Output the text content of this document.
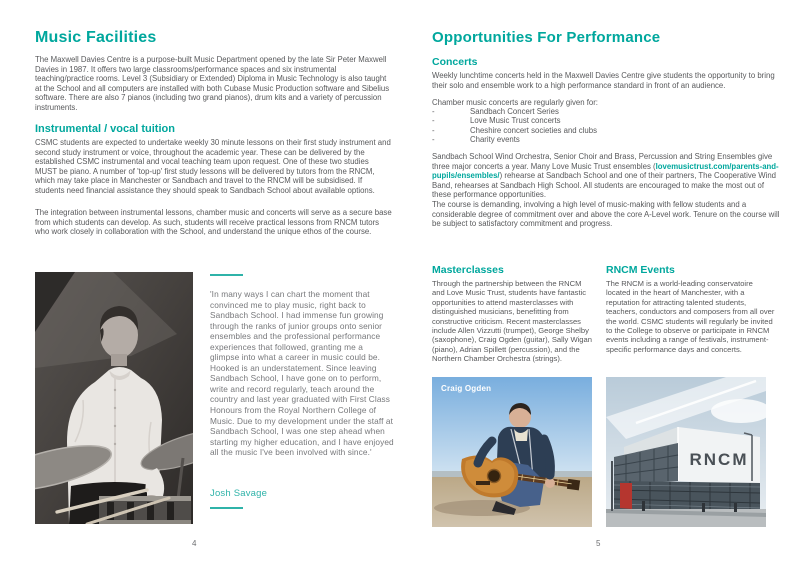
Music Facilities
The Maxwell Davies Centre is a purpose-built Music Department opened by the late Sir Peter Maxwell Davies in 1987. It offers two large classrooms/performance spaces and six instrumental teaching/practice rooms. Level 3 (Subsidiary or Extended) Diploma in Music Technology is also taught at the School and all computers are installed with both Cubase Music Production software and Sibelius software. There are also 7 pianos (including two grand pianos), drum kits and a variety of percussion instruments.
Instrumental / vocal tuition
CSMC students are expected to undertake weekly 30 minute lessons on their first study instrument and second study instrument or voice, throughout the academic year. These can be delivered by the established CSMC instrumental and vocal teaching team upon request. One of these two studies MUST be piano. A number of 'top-up' first study lessons will be delivered by tutors from the RNCM, which may take place in Manchester or Sandbach and travel to the RNCM will be subsidised. If students need financial assistance they should speak to Sandbach School about available options.
The integration between instrumental lessons, chamber music and concerts will serve as a secure base from which students can develop. As such, students will receive practical lessons from RNCM tutors who work closely in collaboration with the School, and understand the unique ethos of the course.
'In many ways I can chart the moment that convinced me to play music, right back to Sandbach School. I had immense fun growing through the ranks of junior groups onto senior ensembles and the professional performance experiences that followed, granting me a glimpse into what a career in music could be. Hooked is an understatement. Since leaving Sandbach School, I have gone on to perform, write and record regularly, teach around the country and last year graduated with First Class Honours from the Royal Northern College of Music. Due to my development under the staff at Sandbach School, I was one step ahead when starting my higher education, and I have enjoyed all the music I've been involved with since.'
Josh Savage
4
Opportunities For Performance
Concerts
Weekly lunchtime concerts held in the Maxwell Davies Centre give students the opportunity to bring their solo and ensemble work to a high performance standard in front of an audience.
Chamber music concerts are regularly given for:
-	Sandbach Concert Series
-	Love Music Trust concerts
-	Cheshire concert societies and clubs
-	Charity events
Sandbach School Wind Orchestra, Senior Choir and Brass, Percussion and String Ensembles give three major concerts a year. Many Love Music Trust ensembles (lovemusictrust.com/parents-and-pupils/ensembles/) rehearse at Sandbach School and one of their partners, The Cooperative Wind Band, rehearses at Sandbach High School. All students are encouraged to make the most out of these performance opportunities.
The course is demanding, involving a high level of music-making with fellow students and a considerable degree of commitment over and above the core A-Level work. Tenure on the course will be subject to satisfactory commitment and progress.
Masterclasses
Through the partnership between the RNCM and Love Music Trust, students have fantastic opportunities to attend masterclasses with distinguished musicians, benefitting from constructive criticism. Recent masterclasses include Allen Vizzutti (trumpet), George Shelby (saxophone), Craig Ogden (guitar), Sally Wigan (piano), Adrian Spillett (percussion), and the Northern Chamber Orchestra (strings).
RNCM Events
The RNCM is a world-leading conservatoire located in the heart of Manchester, with a reputation for attracting talented students, teachers, conductors and composers from all over the world. CSMC students will regularly be invited to the College to observe or participate in RNCM events including a range of festivals, instrument-specific performance days and concerts.
Craig Ogden
RNCM
5
